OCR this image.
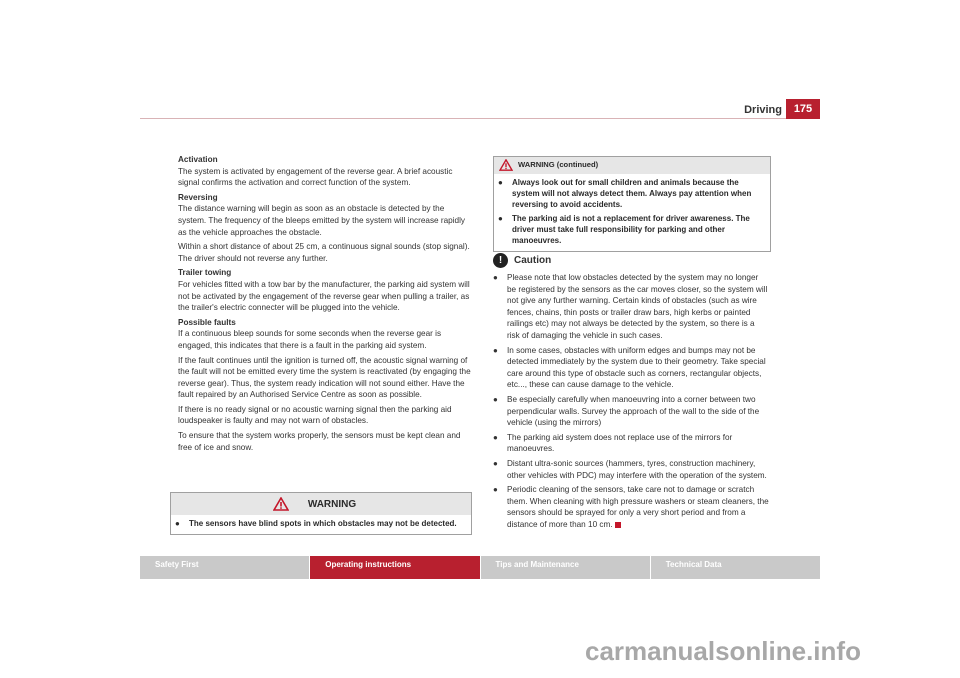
Driving	175
Activation

The system is activated by engagement of the reverse gear. A brief acoustic signal confirms the activation and correct function of the system.

Reversing

The distance warning will begin as soon as an obstacle is detected by the system. The frequency of the bleeps emitted by the system will increase rapidly as the vehicle approaches the obstacle.

Within a short distance of about 25 cm, a continuous signal sounds (stop signal). The driver should not reverse any further.

Trailer towing

For vehicles fitted with a tow bar by the manufacturer, the parking aid system will not be activated by the engagement of the reverse gear when pulling a trailer, as the trailer's electric connecter will be plugged into the vehicle.

Possible faults

If a continuous bleep sounds for some seconds when the reverse gear is engaged, this indicates that there is a fault in the parking aid system.

If the fault continues until the ignition is turned off, the acoustic signal warning of the fault will not be emitted every time the system is reactivated (by engaging the reverse gear). Thus, the system ready indication will not sound either. Have the fault repaired by an Authorised Service Centre as soon as possible.

If there is no ready signal or no acoustic warning signal then the parking aid loudspeaker is faulty and may not warn of obstacles.

To ensure that the system works properly, the sensors must be kept clean and free of ice and snow.

WARNING
● The sensors have blind spots in which obstacles may not be detected.
WARNING (continued)
● Always look out for small children and animals because the system will not always detect them. Always pay attention when reversing to avoid accidents.
● The parking aid is not a replacement for driver awareness. The driver must take full responsibility for parking and other manoeuvres.
!	Caution
● Please note that low obstacles detected by the system may no longer be registered by the sensors as the car moves closer, so the system will not give any further warning. Certain kinds of obstacles (such as wire fences, chains, thin posts or trailer draw bars, high kerbs or painted railings etc) may not always be detected by the system, so there is a risk of damaging the vehicle in such cases.
● In some cases, obstacles with uniform edges and bumps may not be detected immediately by the system due to their geometry. Take special care around this type of obstacle such as corners, rectangular objects, etc..., these can cause damage to the vehicle.
● Be especially carefully when manoeuvring into a corner between two perpendicular walls. Survey the approach of the wall to the side of the vehicle (using the mirrors)
● The parking aid system does not replace use of the mirrors for manoeuvres.
● Distant ultra-sonic sources (hammers, tyres, construction machinery, other vehicles with PDC) may interfere with the operation of the system.
● Periodic cleaning of the sensors, take care not to damage or scratch them. When cleaning with high pressure washers or steam cleaners, the sensors should be sprayed for only a very short period and from a distance of more than 10 cm.
Safety First	Operating instructions	Tips and Maintenance	Technical Data
carmanualsonline.info
